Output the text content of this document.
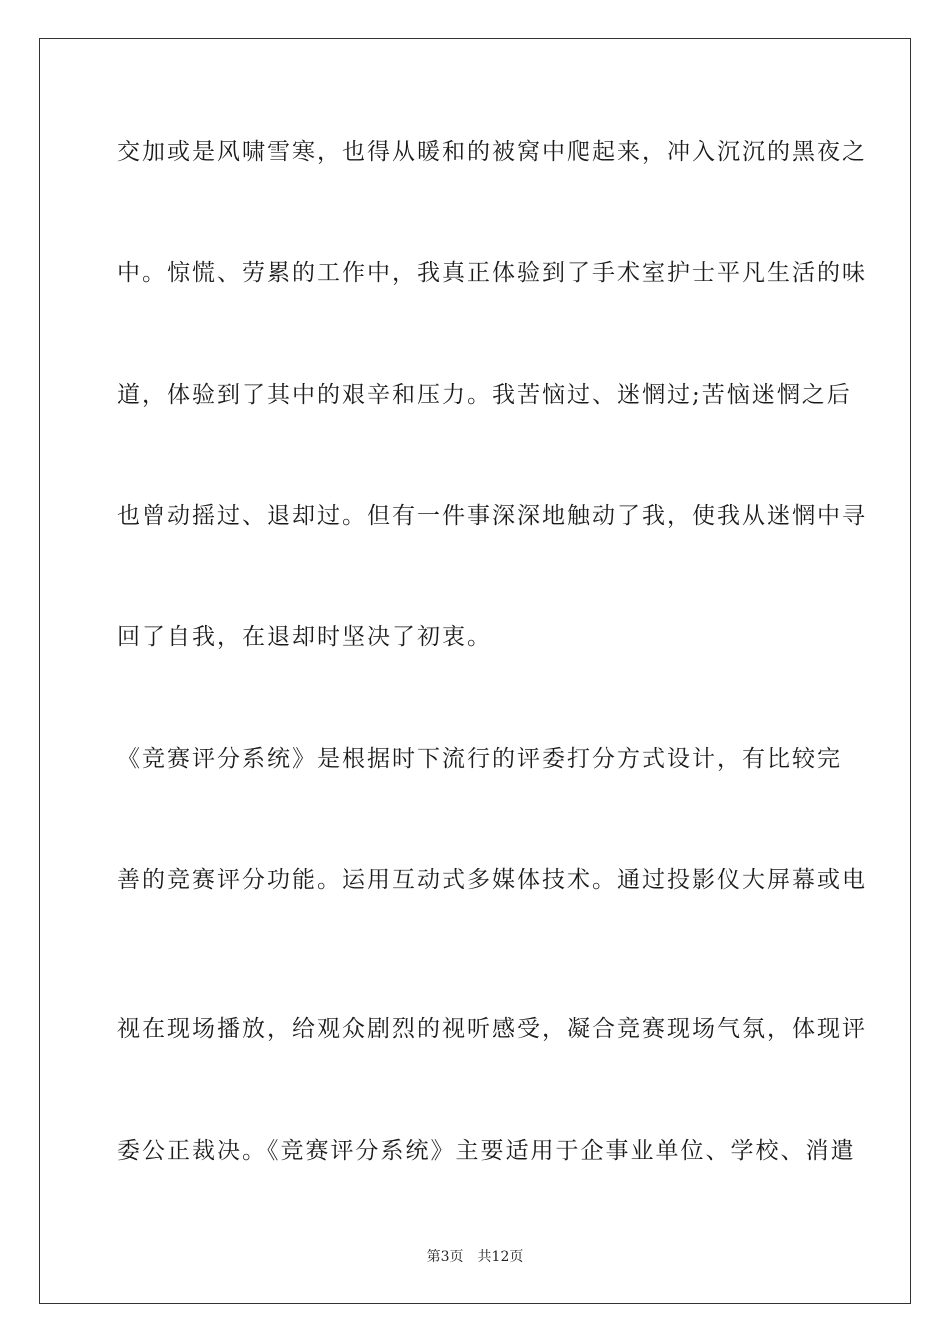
交加或是风啸雪寒，也得从暖和的被窝中爬起来，冲入沉沉的黑夜之
中。惊慌、劳累的工作中，我真正体验到了手术室护士平凡生活的味
道，体验到了其中的艰辛和压力。我苦恼过、迷惘过;苦恼迷惘之后
也曾动摇过、退却过。但有一件事深深地触动了我，使我从迷惘中寻
回了自我，在退却时坚决了初衷。
《竞赛评分系统》是根据时下流行的评委打分方式设计，有比较完
善的竞赛评分功能。运用互动式多媒体技术。通过投影仪大屏幕或电
视在现场播放，给观众剧烈的视听感受，凝合竞赛现场气氛，体现评
委公正裁决。《竞赛评分系统》主要适用于企事业单位、学校、消遣
第3页 共12页
